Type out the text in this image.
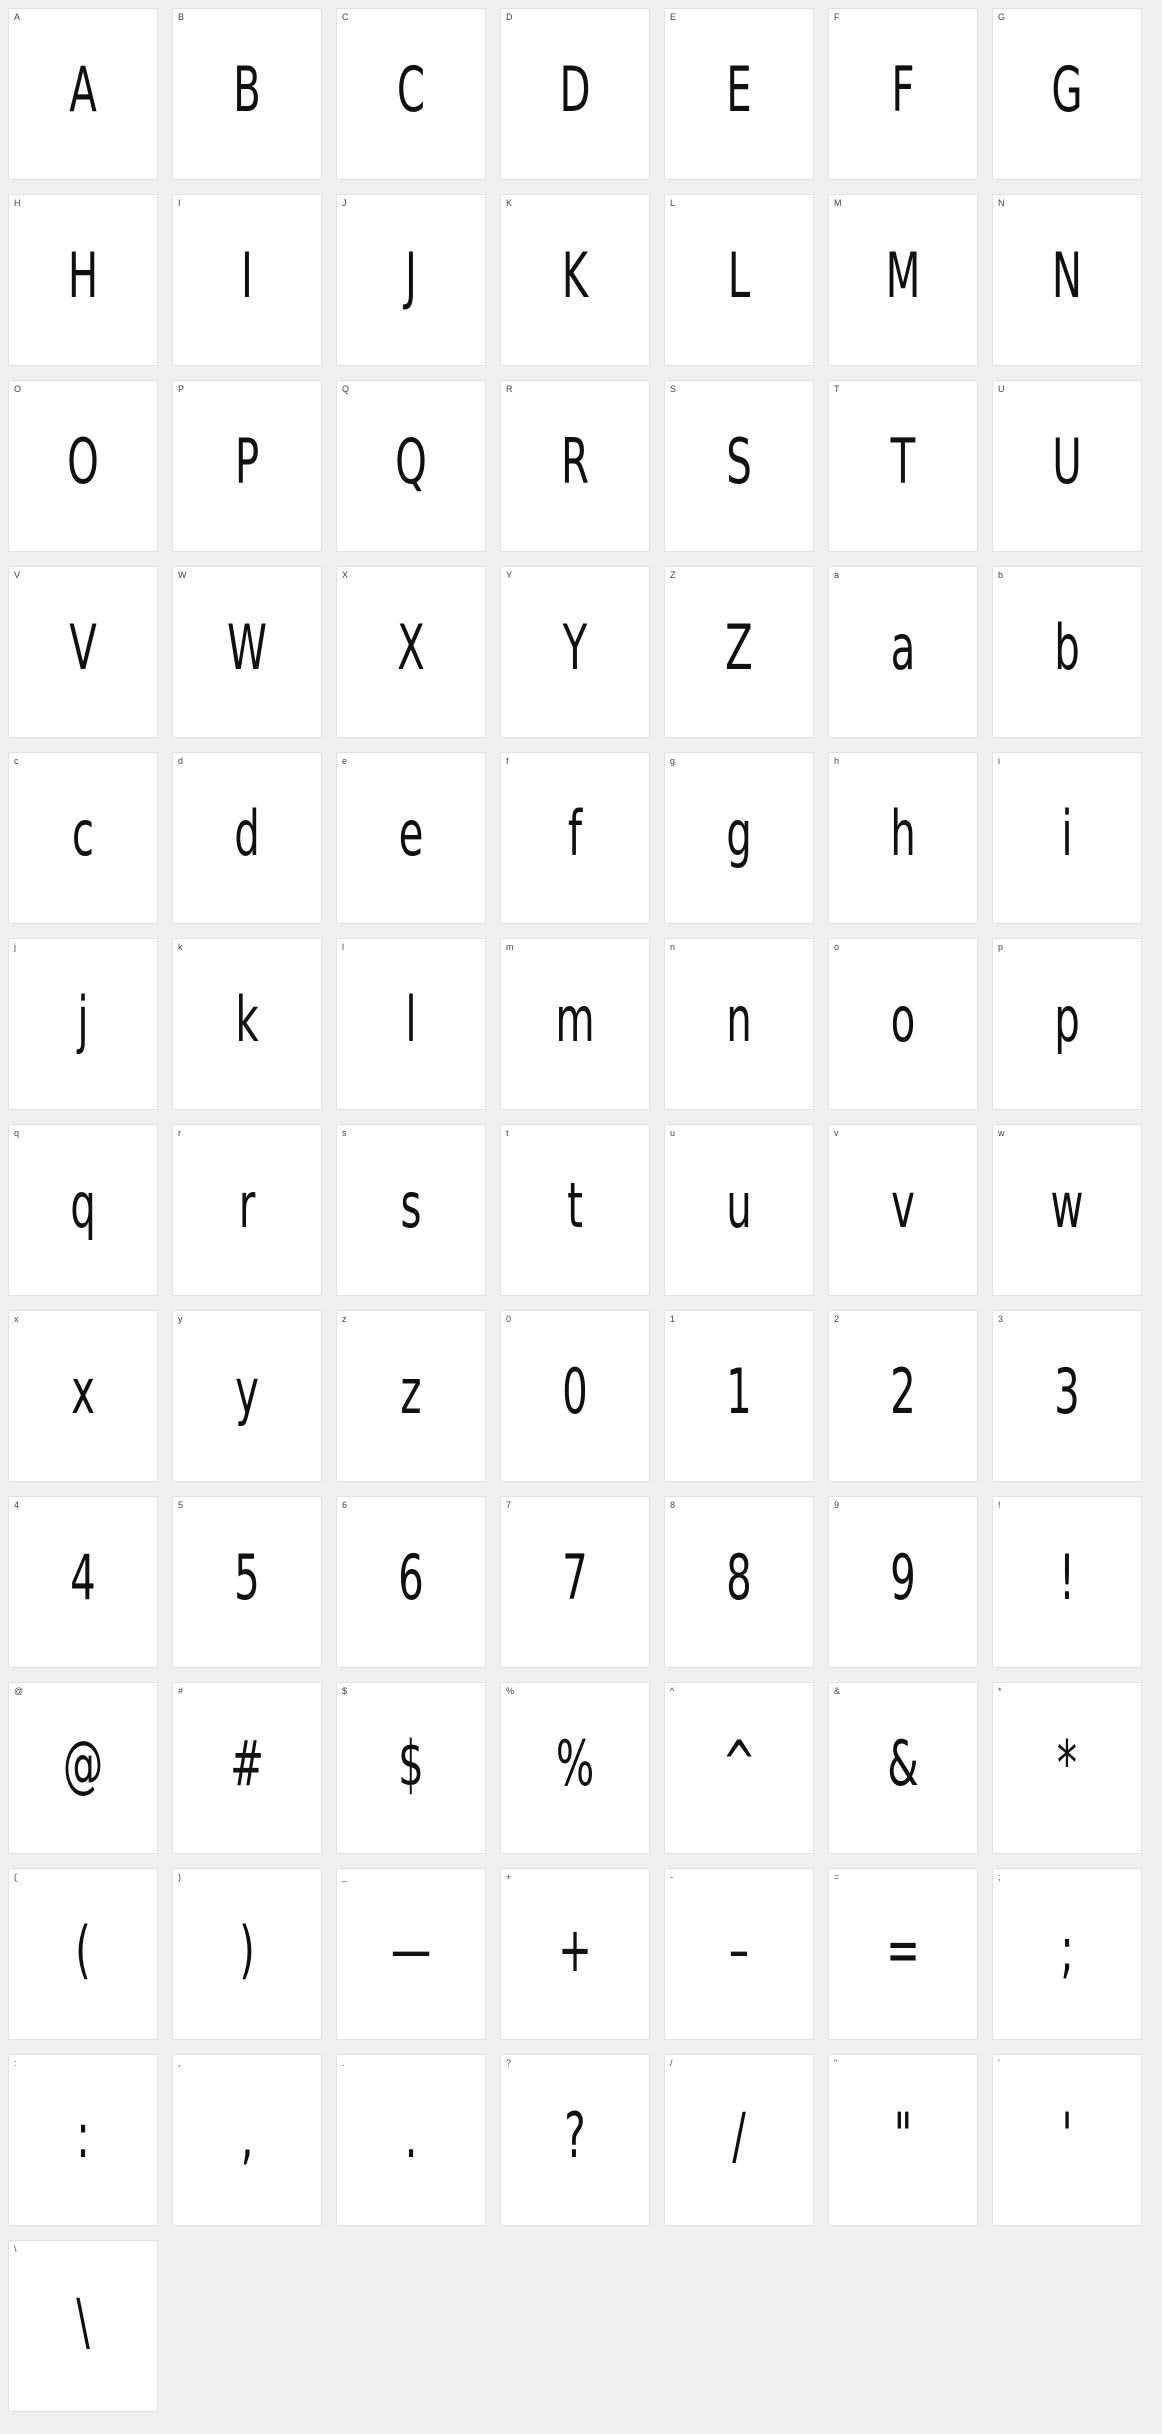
A
A
B
B
C
C
D
D
E
E
F
F
G
G
H
H
I
I
J
J
K
K
L
L
M
M
N
N
O
O
P
P
Q
Q
R
R
S
S
T
T
U
U
V
V
W
W
X
X
Y
Y
Z
Z
a
a
b
b
c
c
d
d
e
e
f
f
g
g
h
h
i
i
j
j
k
k
l
l
m
m
n
n
o
o
p
p
q
q
r
r
s
s
t
t
u
u
v
v
w
w
x
x
y
y
z
z
0
0
1
1
2
2
3
3
4
4
5
5
6
6
7
7
8
8
9
9
!
!
@
@
#
#
$
$
%
%
^
^
&
&
*
*
(
(
)
)
_
—
+
+
-
–
=
=
;
;
:
:
,
,
.
.
?
?
/
/
"
"
'
'
\
\
